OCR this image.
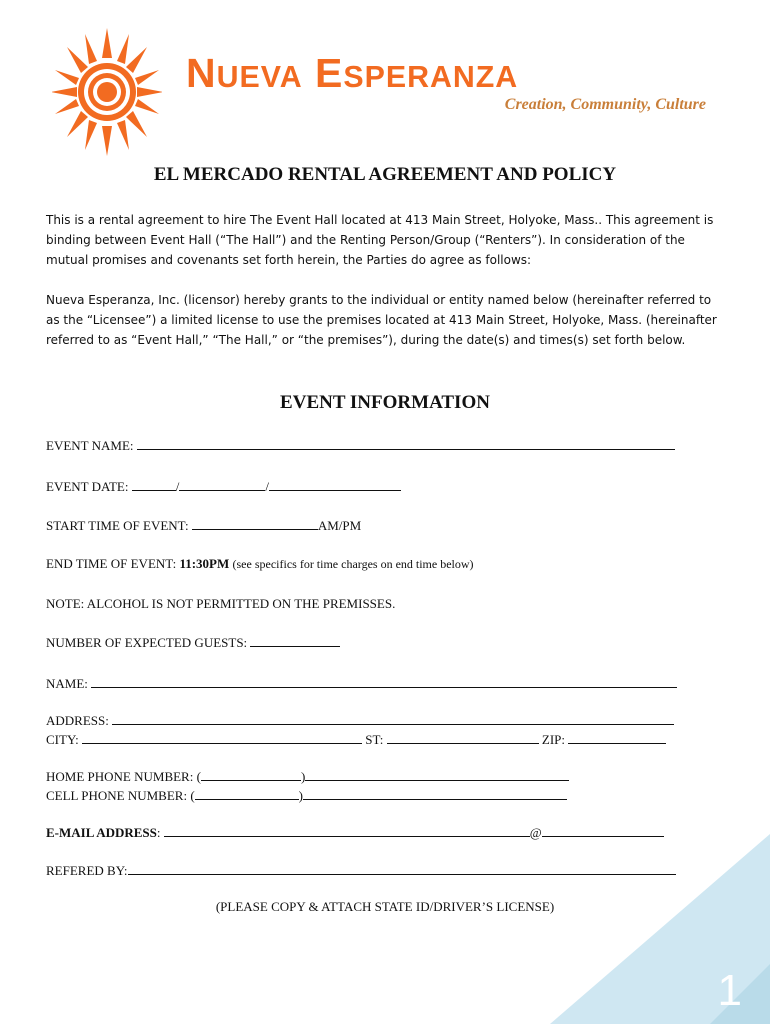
NUEVA ESPERANZA

Creation, Community, Culture

EL MERCADO RENTAL AGREEMENT AND POLICY

This is a rental agreement to hire The Event Hall located at 413 Main Street, Holyoke, Mass.. This agreement is binding between Event Hall (“The Hall”) and the Renting Person/Group (“Renters”). In consideration of the mutual promises and covenants set forth herein, the Parties do agree as follows:

Nueva Esperanza, Inc. (licensor) hereby grants to the individual or entity named below (hereinafter referred to as the “Licensee”) a limited license to use the premises located at 413 Main Street, Holyoke, Mass. (hereinafter referred to as “Event Hall,” “The Hall,” or “the premises”), during the date(s) and times(s) set forth below.

EVENT INFORMATION
EVENT NAME:
EVENT DATE:	/	/
START TIME OF EVENT:	AM/PM
END TIME OF EVENT: 11:30PM (see specifics for time charges on end time below)
NOTE: ALCOHOL IS NOT PERMITTED ON THE PREMISSES.
NUMBER OF EXPECTED GUESTS:
NAME:
ADDRESS:
CITY:	ST:	ZIP:
HOME PHONE NUMBER: (	)
CELL PHONE NUMBER: (	)
E-MAIL ADDRESS:	@
REFERED BY:

(PLEASE COPY & ATTACH STATE ID/DRIVER’S LICENSE)

1
